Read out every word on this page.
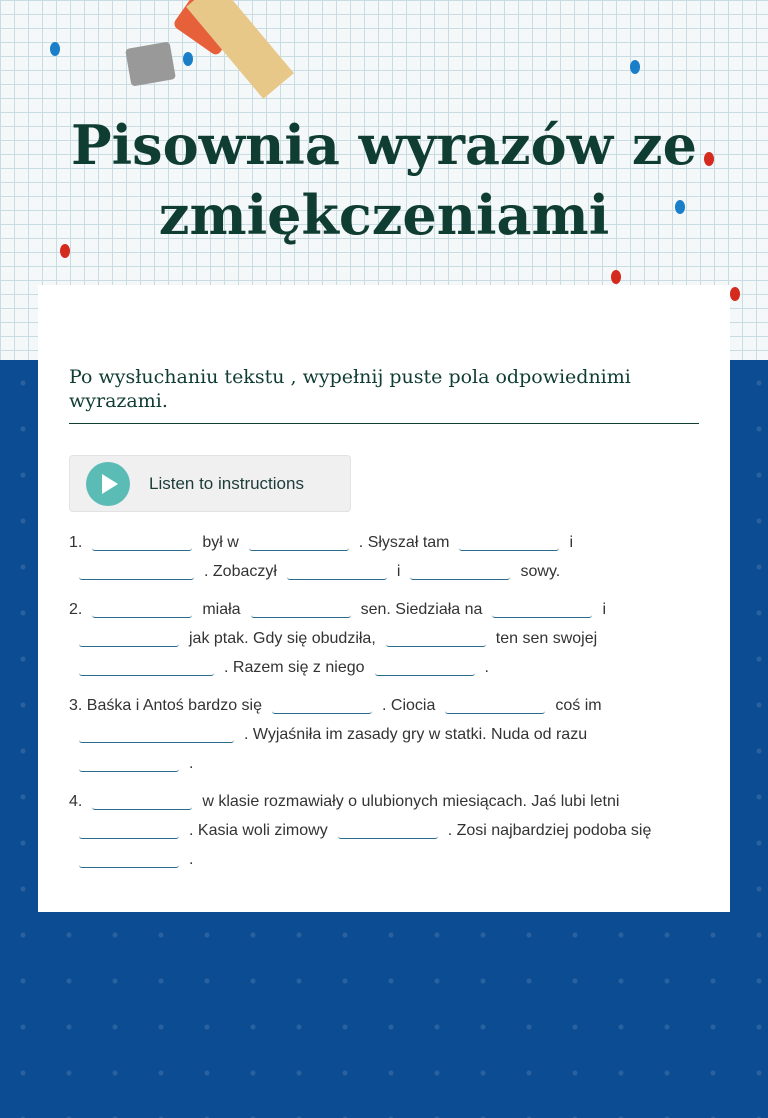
Pisownia wyrazów ze zmiękczeniami
Po wysłuchaniu tekstu , wypełnij puste pola odpowiednimi wyrazami.
Listen to instructions
1.	był w	. Słyszał tam	i. Zobaczył	i	sowy.
2.	miała	sen. Siedziała na	ijak ptak. Gdy się obudziła,	ten sen swojej. Razem się z niego	.
3. Baśka i Antoś bardzo się	. Ciocia	coś im. Wyjaśniła im zasady gry w statki. Nuda od razu.
4.	w klasie rozmawiały o ulubionych miesiącach. Jaś lubi letni. Kasia woli zimowy	. Zosi najbardziej podoba się.
